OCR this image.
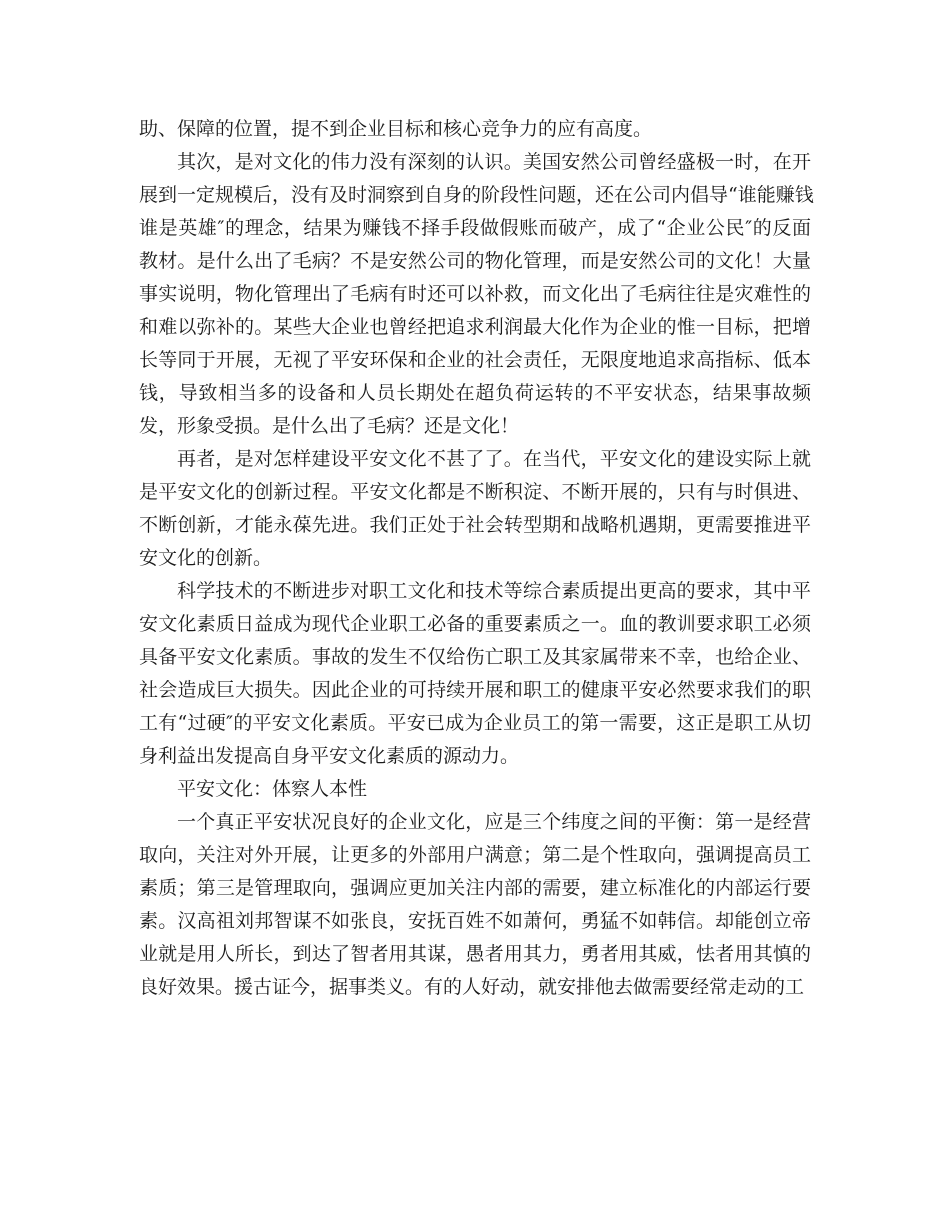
助、保障的位置，提不到企业目标和核心竞争力的应有高度。
其次，是对文化的伟力没有深刻的认识。美国安然公司曾经盛极一时，在开
展到一定规模后，没有及时洞察到自身的阶段性问题，还在公司内倡导“谁能赚钱
谁是英雄″的理念，结果为赚钱不择手段做假账而破产，成了“企业公民″的反面
教材。是什么出了毛病？不是安然公司的物化管理，而是安然公司的文化！大量
事实说明，物化管理出了毛病有时还可以补救，而文化出了毛病往往是灾难性的
和难以弥补的。某些大企业也曾经把追求利润最大化作为企业的惟一目标，把增
长等同于开展，无视了平安环保和企业的社会责任，无限度地追求高指标、低本
钱，导致相当多的设备和人员长期处在超负荷运转的不平安状态，结果事故频
发，形象受损。是什么出了毛病？还是文化！
再者，是对怎样建设平安文化不甚了了。在当代，平安文化的建设实际上就
是平安文化的创新过程。平安文化都是不断积淀、不断开展的，只有与时俱进、
不断创新，才能永葆先进。我们正处于社会转型期和战略机遇期，更需要推进平
安文化的创新。
科学技术的不断进步对职工文化和技术等综合素质提出更高的要求，其中平
安文化素质日益成为现代企业职工必备的重要素质之一。血的教训要求职工必须
具备平安文化素质。事故的发生不仅给伤亡职工及其家属带来不幸，也给企业、
社会造成巨大损失。因此企业的可持续开展和职工的健康平安必然要求我们的职
工有“过硬″的平安文化素质。平安已成为企业员工的第一需要，这正是职工从切
身利益出发提高自身平安文化素质的源动力。
平安文化：体察人本性
一个真正平安状况良好的企业文化，应是三个纬度之间的平衡：第一是经营
取向，关注对外开展，让更多的外部用户满意；第二是个性取向，强调提高员工
素质；第三是管理取向，强调应更加关注内部的需要，建立标准化的内部运行要
素。汉高祖刘邦智谋不如张良，安抚百姓不如萧何，勇猛不如韩信。却能创立帝
业就是用人所长，到达了智者用其谋，愚者用其力，勇者用其威，怯者用其慎的
良好效果。援古证今，据事类义。有的人好动，就安排他去做需要经常走动的工
